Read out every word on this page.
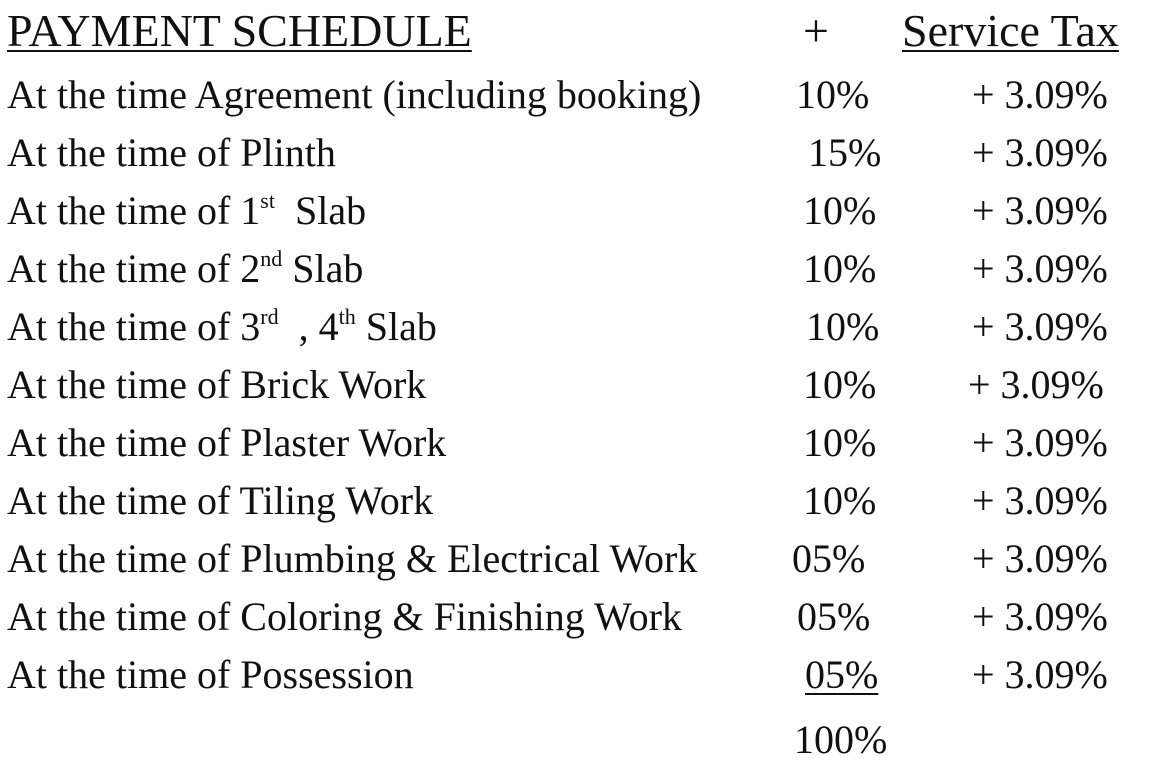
PAYMENT SCHEDULE	+ Service Tax
At the time Agreement (including booking) 10%	+ 3.09%
At the time of Plinth	15% + 3.09%
At the time of 1st  Slab	10% + 3.09%
At the time of 2nd Slab	10% + 3.09%
At the time of 3rd  , 4th Slab	10% + 3.09%
At the time of Brick Work	10% + 3.09%
At the time of Plaster Work	10% + 3.09%
At the time of Tiling Work	10% + 3.09%
At the time of Plumbing & Electrical Work 05%	+ 3.09%
At the time of Coloring & Finishing Work	05%	+ 3.09%
At the time of Possession	05% + 3.09%
100%
